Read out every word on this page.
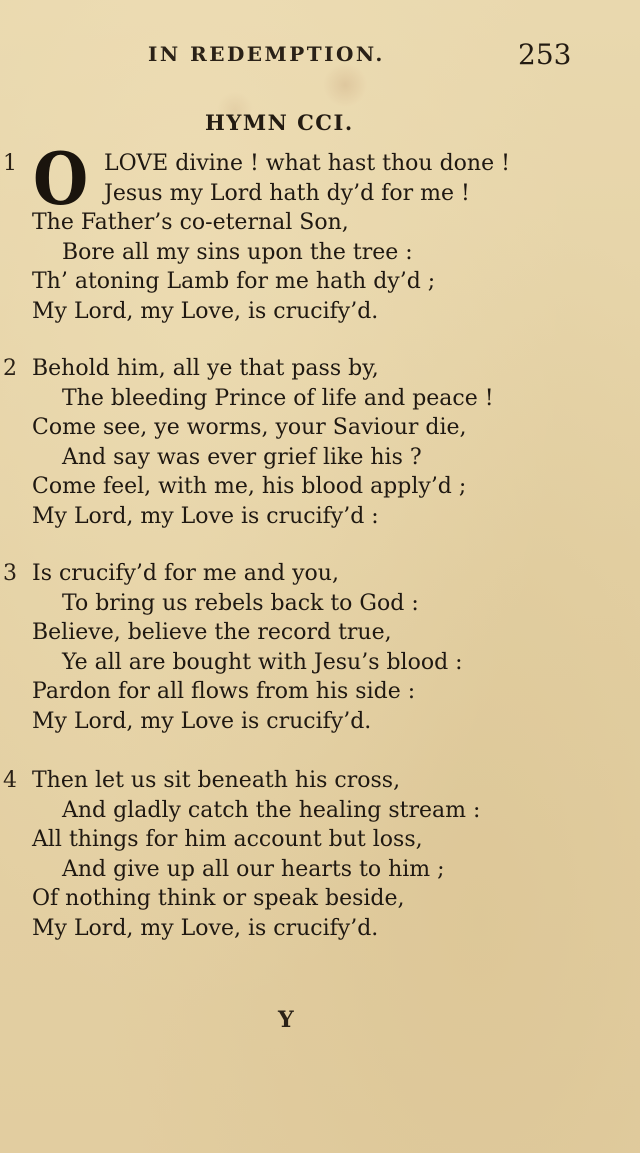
IN REDEMPTION.	253
HYMN CCI.
1 O LOVE divine ! what hast thou done !
Jesus my Lord hath dy’d for me !
The Father’s co-eternal Son,
Bore all my sins upon the tree :
Th’ atoning Lamb for me hath dy’d ;
My Lord, my Love, is crucify’d.
2 Behold him, all ye that pass by,
The bleeding Prince of life and peace !
Come see, ye worms, your Saviour die,
And say was ever grief like his ?
Come feel, with me, his blood apply’d ;
My Lord, my Love is crucify’d :
3 Is crucify’d for me and you,
To bring us rebels back to God :
Believe, believe the record true,
Ye all are bought with Jesu’s blood :
Pardon for all flows from his side :
My Lord, my Love is crucify’d.
4 Then let us sit beneath his cross,
And gladly catch the healing stream :
All things for him account but loss,
And give up all our hearts to him ;
Of nothing think or speak beside,
My Lord, my Love, is crucify’d.
Y
